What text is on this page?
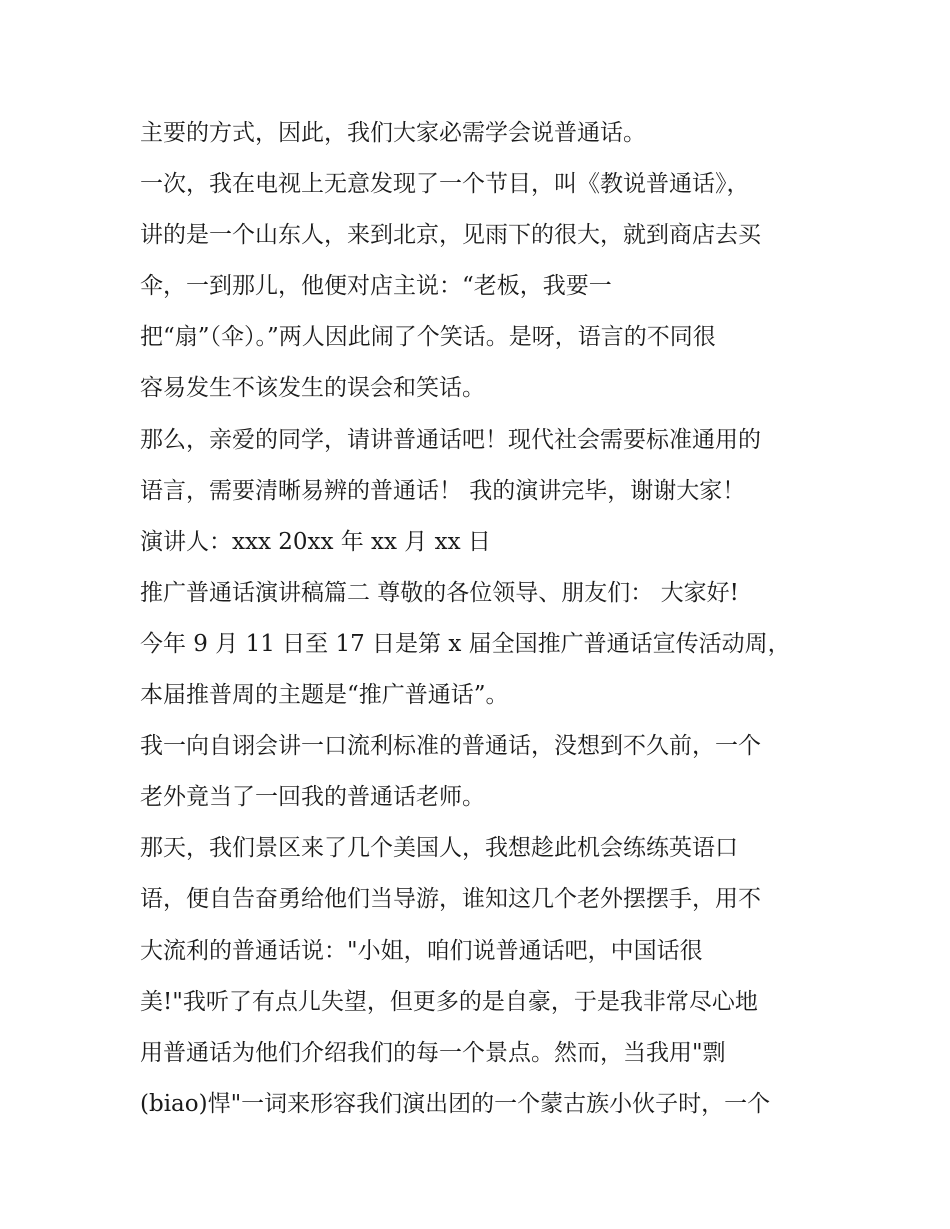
主要的方式，因此，我们大家必需学会说普通话。
一次，我在电视上无意发现了一个节目，叫《教说普通话》，
讲的是一个山东人，来到北京，见雨下的很大，就到商店去买
伞，一到那儿，他便对店主说：“老板，我要一
把“扇”（伞）。”两人因此闹了个笑话。是呀，语言的不同很
容易发生不该发生的误会和笑话。
那么，亲爱的同学，请讲普通话吧！现代社会需要标准通用的
语言，需要清晰易辨的普通话！ 我的演讲完毕，谢谢大家！
演讲人：xxx 20xx 年 xx 月 xx 日
推广普通话演讲稿篇二 尊敬的各位领导、朋友们： 大家好!
今年 9 月 11 日至 17 日是第 x 届全国推广普通话宣传活动周，
本届推普周的主题是“推广普通话”。
我一向自诩会讲一口流利标准的普通话，没想到不久前，一个
老外竟当了一回我的普通话老师。
那天，我们景区来了几个美国人，我想趁此机会练练英语口
语，便自告奋勇给他们当导游，谁知这几个老外摆摆手，用不
大流利的普通话说："小姐，咱们说普通话吧，中国话很
美!"我听了有点儿失望，但更多的是自豪，于是我非常尽心地
用普通话为他们介绍我们的每一个景点。然而，当我用"剽
(biao)悍"一词来形容我们演出团的一个蒙古族小伙子时，一个
